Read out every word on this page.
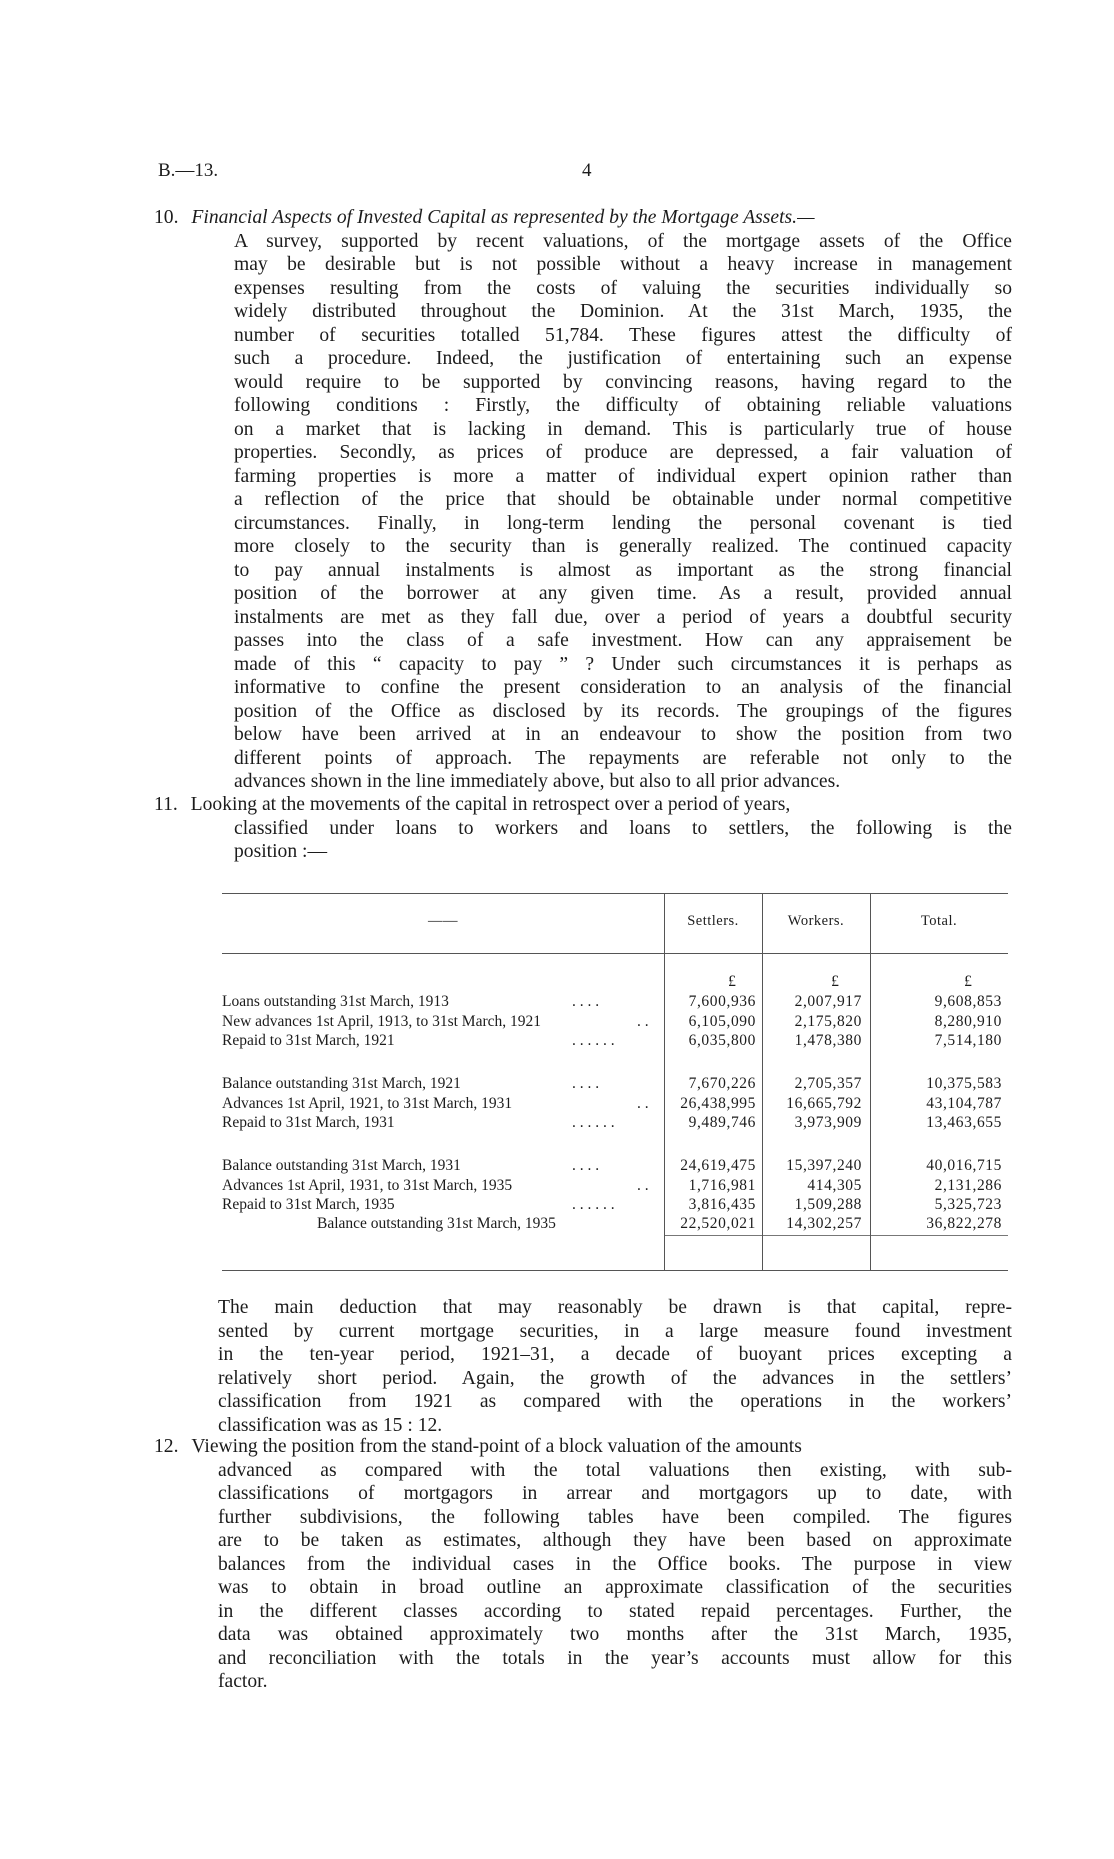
B.—13.	4
10. Financial Aspects of Invested Capital as represented by the Mortgage Assets.—
A survey, supported by recent valuations, of the mortgage assets of the Office
may be desirable but is not possible without a heavy increase in management
expenses resulting from the costs of valuing the securities individually so
widely distributed throughout the Dominion. At the 31st March, 1935, the
number of securities totalled 51,784. These figures attest the difficulty of
such a procedure. Indeed, the justification of entertaining such an expense
would require to be supported by convincing reasons, having regard to the
following conditions : Firstly, the difficulty of obtaining reliable valuations
on a market that is lacking in demand. This is particularly true of house
properties. Secondly, as prices of produce are depressed, a fair valuation of
farming properties is more a matter of individual expert opinion rather than
a reflection of the price that should be obtainable under normal competitive
circumstances. Finally, in long-term lending the personal covenant is tied
more closely to the security than is generally realized. The continued capacity
to pay annual instalments is almost as important as the strong financial
position of the borrower at any given time. As a result, provided annual
instalments are met as they fall due, over a period of years a doubtful security
passes into the class of a safe investment. How can any appraisement be
made of this “ capacity to pay ” ? Under such circumstances it is perhaps as
informative to confine the present consideration to an analysis of the financial
position of the Office as disclosed by its records. The groupings of the figures
below have been arrived at in an endeavour to show the position from two
different points of approach. The repayments are referable not only to the
advances shown in the line immediately above, but also to all prior advances.
11. Looking at the movements of the capital in retrospect over a period of years,
classified under loans to workers and loans to settlers, the following is the
position :—
——	Settlers.	Workers.	Total.
£	£	£
Loans outstanding 31st March, 1913	. . . .	7,600,936	2,007,917	9,608,853
New advances 1st April, 1913, to 31st March, 1921	. .	6,105,090	2,175,820	8,280,910
Repaid to 31st March, 1921	. . . . . .	6,035,800	1,478,380	7,514,180
Balance outstanding 31st March, 1921	. . . .	7,670,226	2,705,357	10,375,583
Advances 1st April, 1921, to 31st March, 1931	. .	26,438,995	16,665,792	43,104,787
Repaid to 31st March, 1931	. . . . . .	9,489,746	3,973,909	13,463,655
Balance outstanding 31st March, 1931	. . . .	24,619,475	15,397,240	40,016,715
Advances 1st April, 1931, to 31st March, 1935	. .	1,716,981	414,305	2,131,286
Repaid to 31st March, 1935	. . . . . .	3,816,435	1,509,288	5,325,723
Balance outstanding 31st March, 1935	22,520,021	14,302,257	36,822,278
The main deduction that may reasonably be drawn is that capital, repre-
sented by current mortgage securities, in a large measure found investment
in the ten-year period, 1921–31, a decade of buoyant prices excepting a
relatively short period. Again, the growth of the advances in the settlers’
classification from 1921 as compared with the operations in the workers’
classification was as 15 : 12.
12. Viewing the position from the stand-point of a block valuation of the amounts
advanced as compared with the total valuations then existing, with sub-
classifications of mortgagors in arrear and mortgagors up to date, with
further subdivisions, the following tables have been compiled. The figures
are to be taken as estimates, although they have been based on approximate
balances from the individual cases in the Office books. The purpose in view
was to obtain in broad outline an approximate classification of the securities
in the different classes according to stated repaid percentages. Further, the
data was obtained approximately two months after the 31st March, 1935,
and reconciliation with the totals in the year’s accounts must allow for this
factor.
